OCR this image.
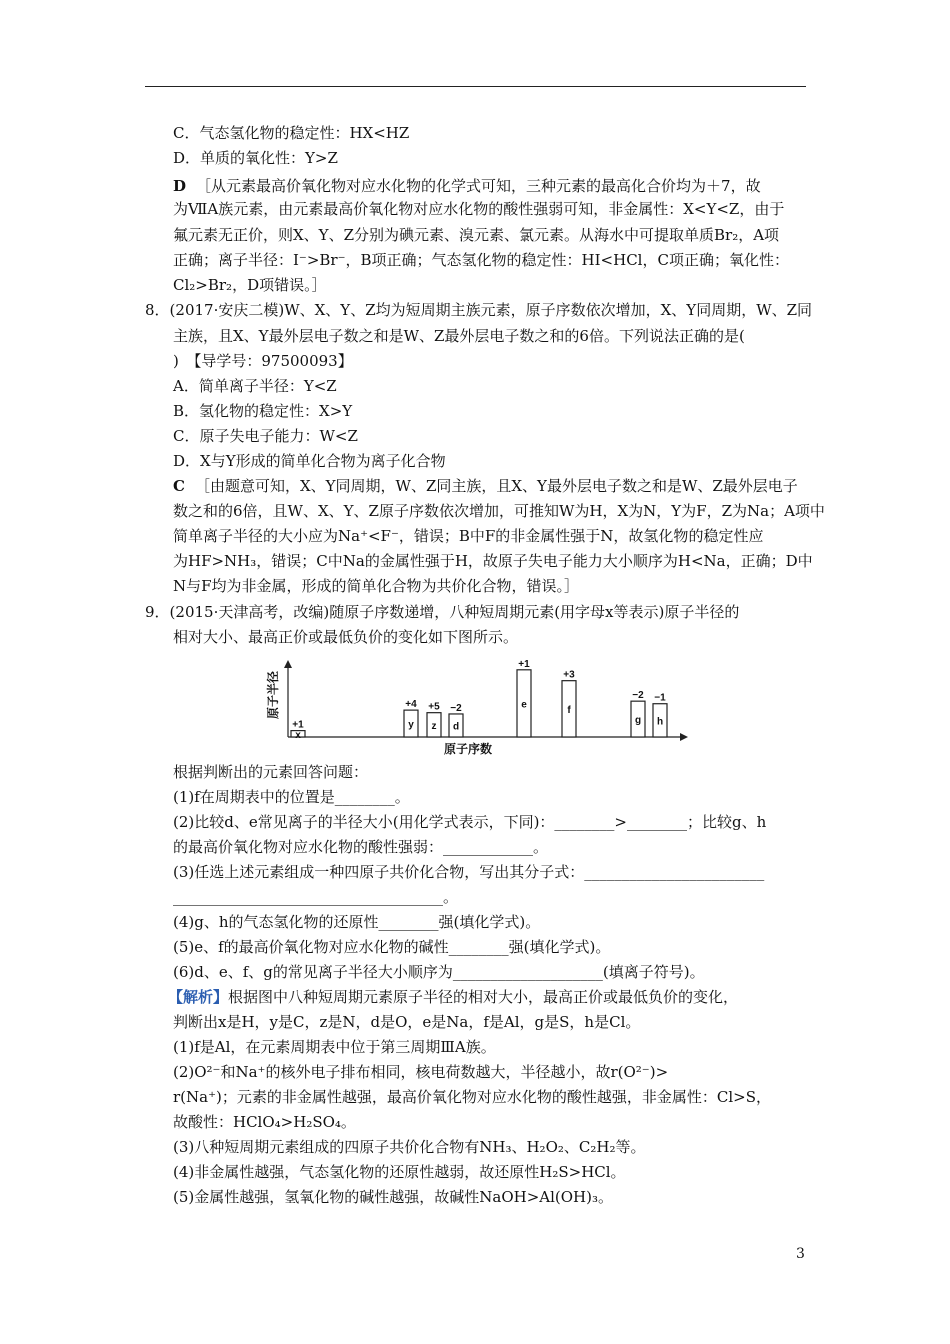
C．气态氢化物的稳定性：HX<HZ
D．单质的氧化性：Y>Z
D ［从元素最高价氧化物对应水化物的化学式可知，三种元素的最高化合价均为＋7，故
为ⅦA族元素，由元素最高价氧化物对应水化物的酸性强弱可知，非金属性：X<Y<Z，由于
氟元素无正价，则X、Y、Z分别为碘元素、溴元素、氯元素。从海水中可提取单质Br₂，A项
正确；离子半径：I⁻>Br⁻，B项正确；气态氢化物的稳定性：HI<HCl，C项正确；氧化性：
Cl₂>Br₂，D项错误。］
8．(2017·安庆二模)W、X、Y、Z均为短周期主族元素，原子序数依次增加，X、Y同周期，W、Z同
主族，且X、Y最外层电子数之和是W、Z最外层电子数之和的6倍。下列说法正确的是(
)　【导学号：97500093】
A．简单离子半径：Y<Z
B．氢化物的稳定性：X>Y
C．原子失电子能力：W<Z
D．X与Y形成的简单化合物为离子化合物
C ［由题意可知，X、Y同周期，W、Z同主族，且X、Y最外层电子数之和是W、Z最外层电子
数之和的6倍，且W、X、Y、Z原子序数依次增加，可推知W为H，X为N，Y为F，Z为Na；A项中
简单离子半径的大小应为Na⁺<F⁻，错误；B中F的非金属性强于N，故氢化物的稳定性应
为HF>NH₃，错误；C中Na的金属性强于H，故原子失电子能力大小顺序为H<Na，正确；D中
N与F均为非金属，形成的简单化合物为共价化合物，错误。］
9．(2015·天津高考，改编)随原子序数递增，八种短周期元素(用字母x等表示)原子半径的
相对大小、最高正价或最低负价的变化如下图所示。
根据判断出的元素回答问题：
(1)f在周期表中的位置是________。
(2)比较d、e常见离子的半径大小(用化学式表示，下同)：________>________；比较g、h
的最高价氧化物对应水化物的酸性强弱：____________。
(3)任选上述元素组成一种四原子共价化合物，写出其分子式：________________________
____________________________________。
(4)g、h的气态氢化物的还原性________强(填化学式)。
(5)e、f的最高价氧化物对应水化物的碱性________强(填化学式)。
(6)d、e、f、g的常见离子半径大小顺序为____________________(填离子符号)。
【解析】根据图中八种短周期元素原子半径的相对大小，最高正价或最低负价的变化，
判断出x是H，y是C，z是N，d是O，e是Na，f是Al，g是S，h是Cl。
(1)f是Al，在元素周期表中位于第三周期ⅢA族。
(2)O²⁻和Na⁺的核外电子排布相同，核电荷数越大，半径越小，故r(O²⁻)>
r(Na⁺)；元素的非金属性越强，最高价氧化物对应水化物的酸性越强，非金属性：Cl>S，
故酸性：HClO₄>H₂SO₄。
(3)八种短周期元素组成的四原子共价化合物有NH₃、H₂O₂、C₂H₂等。
(4)非金属性越强，气态氢化物的还原性越弱，故还原性H₂S>HCl。
(5)金属性越强，氢氧化物的碱性越强，故碱性NaOH>Al(OH)₃。
x
+1	y
+4
z
+5
d
−2	e
+1
f
+3
g
−2
h
−1
原子半径
原子序数
3
